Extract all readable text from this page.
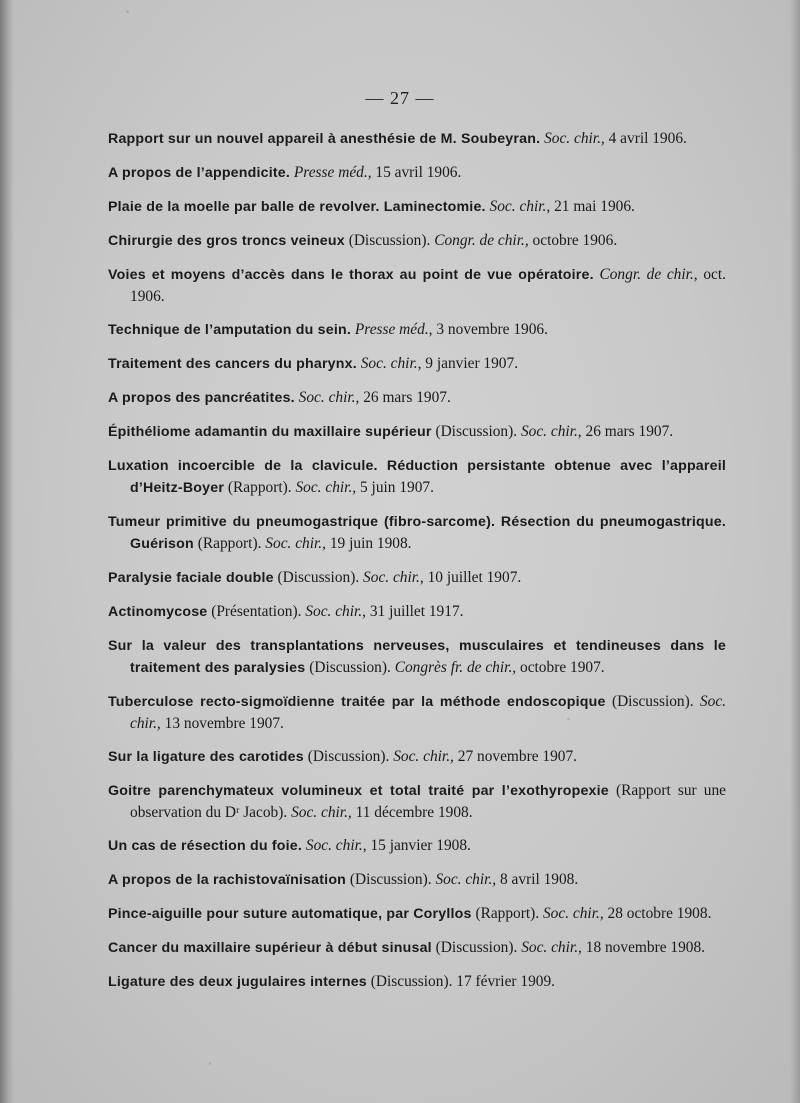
— 27 —

Rapport sur un nouvel appareil à anesthésie de M. Soubeyran. Soc. chir., 4 avril 1906.

A propos de l’appendicite. Presse méd., 15 avril 1906.

Plaie de la moelle par balle de revolver. Laminectomie. Soc. chir., 21 mai 1906.

Chirurgie des gros troncs veineux (Discussion). Congr. de chir., octobre 1906.

Voies et moyens d’accès dans le thorax au point de vue opératoire. Congr. de chir., oct. 1906.

Technique de l’amputation du sein. Presse méd., 3 novembre 1906.

Traitement des cancers du pharynx. Soc. chir., 9 janvier 1907.

A propos des pancréatites. Soc. chir., 26 mars 1907.

Épithéliome adamantin du maxillaire supérieur (Discussion). Soc. chir., 26 mars 1907.

Luxation incoercible de la clavicule. Réduction persistante obtenue avec l’appareil d’Heitz-Boyer (Rapport). Soc. chir., 5 juin 1907.

Tumeur primitive du pneumogastrique (fibro-sarcome). Résection du pneumogastrique. Guérison (Rapport). Soc. chir., 19 juin 1908.

Paralysie faciale double (Discussion). Soc. chir., 10 juillet 1907.

Actinomycose (Présentation). Soc. chir., 31 juillet 1917.

Sur la valeur des transplantations nerveuses, musculaires et tendineuses dans le traitement des paralysies (Discussion). Congrès fr. de chir., octobre 1907.

Tuberculose recto-sigmoïdienne traitée par la méthode endoscopique (Discussion). Soc. chir., 13 novembre 1907.

Sur la ligature des carotides (Discussion). Soc. chir., 27 novembre 1907.

Goitre parenchymateux volumineux et total traité par l’exothyropexie (Rapport sur une observation du Dʳ Jacob). Soc. chir., 11 décembre 1908.

Un cas de résection du foie. Soc. chir., 15 janvier 1908.

A propos de la rachistovaïnisation (Discussion). Soc. chir., 8 avril 1908.

Pince-aiguille pour suture automatique, par Coryllos (Rapport). Soc. chir., 28 octobre 1908.

Cancer du maxillaire supérieur à début sinusal (Discussion). Soc. chir., 18 novembre 1908.

Ligature des deux jugulaires internes (Discussion). 17 février 1909.
